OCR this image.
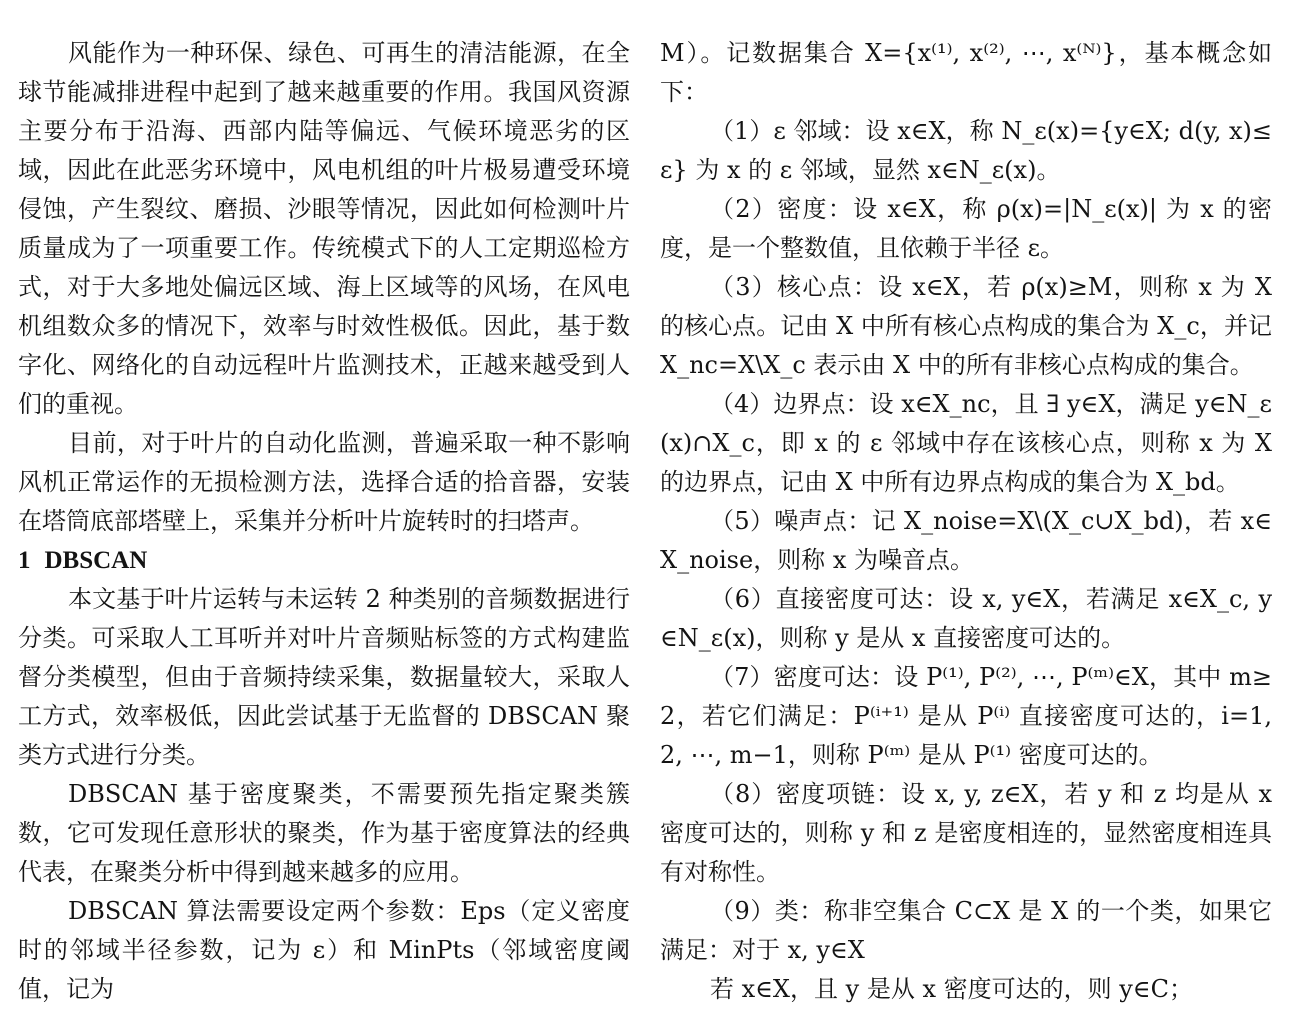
风能作为一种环保、绿色、可再生的清洁能源，在全球节能减排进程中起到了越来越重要的作用。我国风资源主要分布于沿海、西部内陆等偏远、气候环境恶劣的区域，因此在此恶劣环境中，风电机组的叶片极易遭受环境侵蚀，产生裂纹、磨损、沙眼等情况，因此如何检测叶片质量成为了一项重要工作。传统模式下的人工定期巡检方式，对于大多地处偏远区域、海上区域等的风场，在风电机组数众多的情况下，效率与时效性极低。因此，基于数字化、网络化的自动远程叶片监测技术，正越来越受到人们的重视。

目前，对于叶片的自动化监测，普遍采取一种不影响风机正常运作的无损检测方法，选择合适的拾音器，安装在塔筒底部塔壁上，采集并分析叶片旋转时的扫塔声。

1 DBSCAN

本文基于叶片运转与未运转 2 种类别的音频数据进行分类。可采取人工耳听并对叶片音频贴标签的方式构建监督分类模型，但由于音频持续采集，数据量较大，采取人工方式，效率极低，因此尝试基于无监督的 DBSCAN 聚类方式进行分类。

DBSCAN 基于密度聚类，不需要预先指定聚类簇数，它可发现任意形状的聚类，作为基于密度算法的经典代表，在聚类分析中得到越来越多的应用。

DBSCAN 算法需要设定两个参数：Eps（定义密度时的邻域半径参数，记为 ε）和 MinPts（邻域密度阈值，记为

M）。记数据集合 X={x⁽¹⁾, x⁽²⁾, ⋯, x⁽ᴺ⁾}，基本概念如下：

（1）ε 邻域：设 x∈X，称 N_ε(x)={y∈X; d(y, x)≤ε} 为 x 的 ε 邻域，显然 x∈N_ε(x)。

（2）密度：设 x∈X，称 ρ(x)=|N_ε(x)| 为 x 的密度，是一个整数值，且依赖于半径 ε。

（3）核心点：设 x∈X，若 ρ(x)≥M，则称 x 为 X 的核心点。记由 X 中所有核心点构成的集合为 X_c，并记 X_nc=X\X_c 表示由 X 中的所有非核心点构成的集合。

（4）边界点：设 x∈X_nc，且 ∃ y∈X，满足 y∈N_ε(x)∩X_c，即 x 的 ε 邻域中存在该核心点，则称 x 为 X 的边界点，记由 X 中所有边界点构成的集合为 X_bd。

（5）噪声点：记 X_noise=X\(X_c∪X_bd)，若 x∈X_noise，则称 x 为噪音点。

（6）直接密度可达：设 x, y∈X，若满足 x∈X_c, y∈N_ε(x)，则称 y 是从 x 直接密度可达的。

（7）密度可达：设 P⁽¹⁾, P⁽²⁾, ⋯, P⁽ᵐ⁾∈X，其中 m≥2，若它们满足：P⁽ⁱ⁺¹⁾ 是从 P⁽ⁱ⁾ 直接密度可达的，i=1, 2, ⋯, m−1，则称 P⁽ᵐ⁾ 是从 P⁽¹⁾ 密度可达的。

（8）密度项链：设 x, y, z∈X，若 y 和 z 均是从 x 密度可达的，则称 y 和 z 是密度相连的，显然密度相连具有对称性。

（9）类：称非空集合 C⊂X 是 X 的一个类，如果它满足：对于 x, y∈X

若 x∈X，且 y 是从 x 密度可达的，则 y∈C；
